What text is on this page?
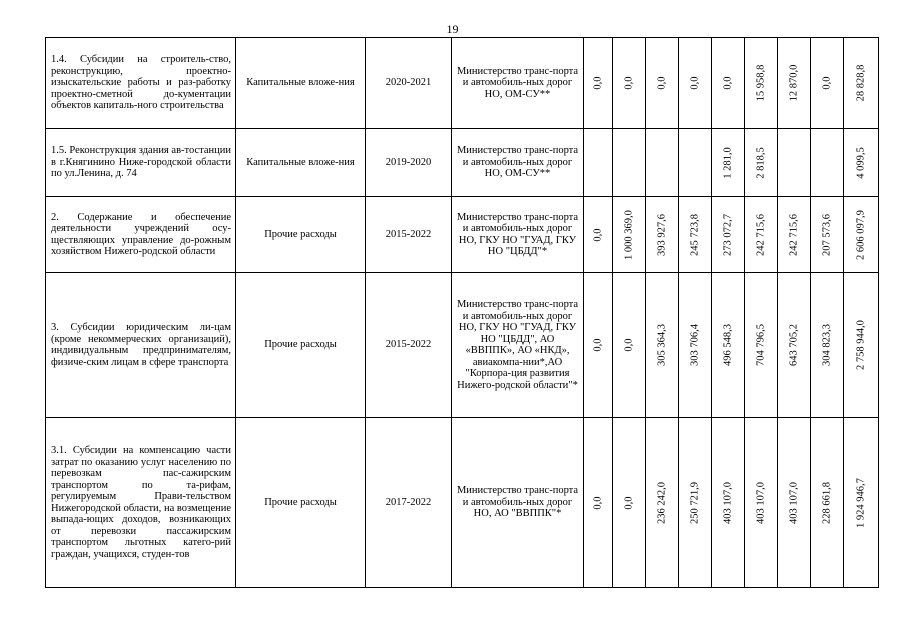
19
1.4. Субсидии на строитель-ство, реконструкцию, проектно-изыскательские работы и раз-работку проектно-сметной до-кументации объектов капиталь-ного строительства	Капитальные вложе-ния	2020-2021	Министерство транс-порта и автомобиль-ных дорог НО, ОМ-СУ**	0,0	0,0	0,0	0,0	0,0	15 958,8	12 870,0	0,0	28 828,8

1.5. Реконструкция здания ав-тостанции в г.Княгинино Ниже-городской области по ул.Ленина, д. 74	Капитальные вложе-ния	2019-2020	Министерство транс-порта и автомобиль-ных дорог НО, ОМ-СУ**					1 281,0	2 818,5			4 099,5

2. Содержание и обеспечение деятельности учреждений осу-ществляющих управление до-рожным хозяйством Нижего-родской области	Прочие расходы	2015-2022	Министерство транс-порта и автомобиль-ных дорог НО, ГКУ НО "ГУАД, ГКУ НО "ЦБДД"*	0,0	1 000 369,0	393 927,6	245 723,8	273 072,7	242 715,6	242 715,6	207 573,6	2 606 097,9

3. Субсидии юридическим ли-цам (кроме некоммерческих организаций), индивидуальным предпринимателям, физиче-ским лицам в сфере транспорта	Прочие расходы	2015-2022	Министерство транс-порта и автомобиль-ных дорог НО, ГКУ НО "ГУАД, ГКУ НО "ЦБДД", АО «ВВППК», АО «НКД», авиакомпа-нии*,АО "Корпора-ция развития Нижего-родской области"*	0,0	0,0	305 364,3	303 706,4	496 548,3	704 796,5	643 705,2	304 823,3	2 758 944,0

3.1. Субсидии на компенсацию части затрат по оказанию услуг населению по перевозкам пас-сажирским транспортом по та-рифам, регулируемым Прави-тельством Нижегородской области, на возмещение выпада-ющих доходов, возникающих от перевозки пассажирским транспортом льготных катего-рий граждан, учащихся, студен-тов	Прочие расходы	2017-2022	Министерство транс-порта и автомобиль-ных дорог НО, АО "ВВППК"*	0,0	0,0	236 242,0	250 721,9	403 107,0	403 107,0	403 107,0	228 661,8	1 924 946,7
